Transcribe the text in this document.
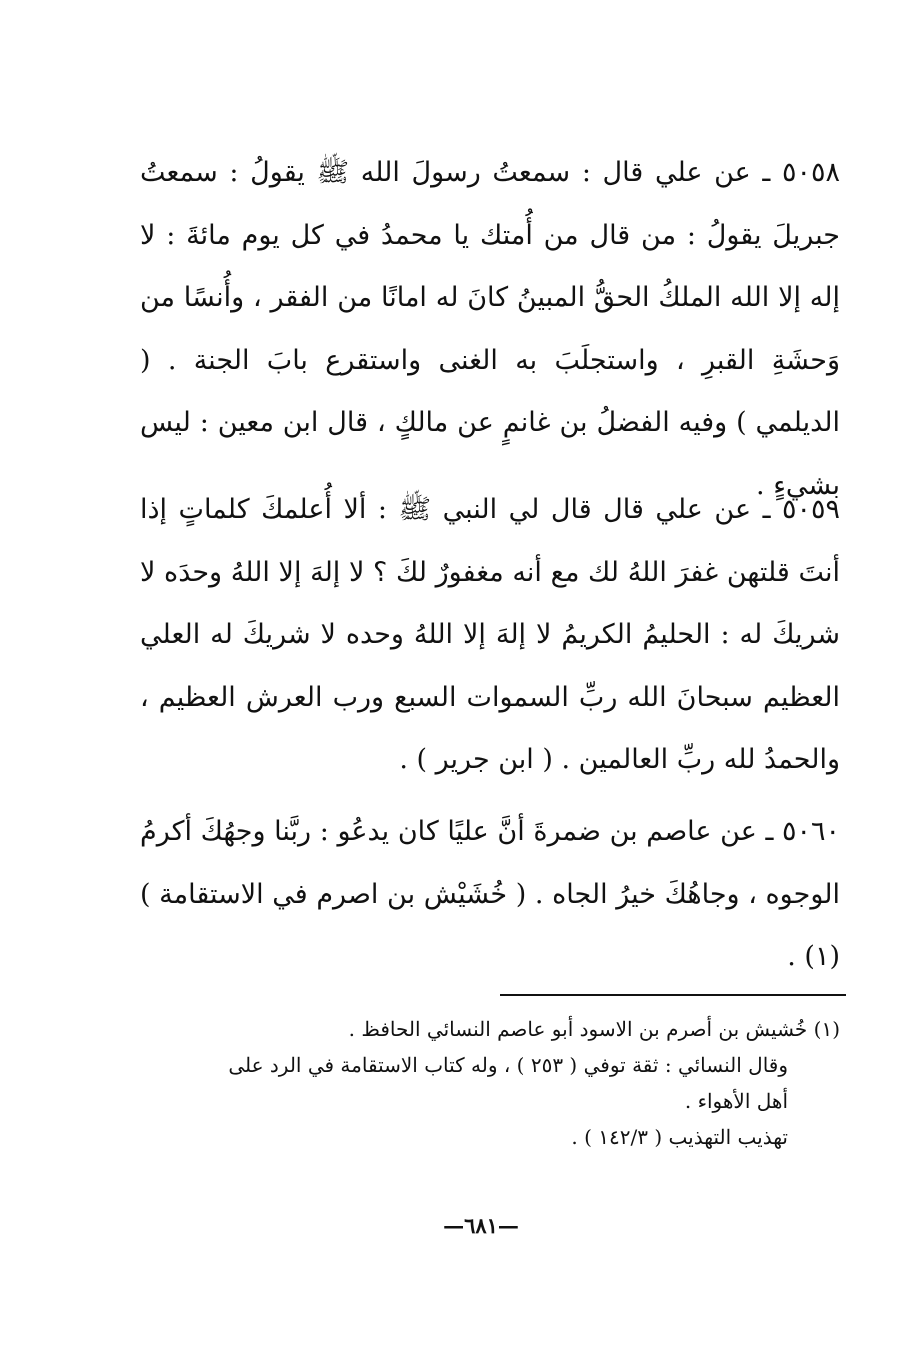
٥٠٥٨ ـ عن علي قال : سمعتُ رسولَ الله ﷺ يقولُ : سمعتُ جبريلَ يقولُ : من قال من أُمتك يا محمدُ في كل يوم مائةَ : لا إله إلا الله الملكُ الحقُّ المبينُ كانَ له امانًا من الفقر ، وأُنسًا من وَحشَةِ القبرِ ، واستجلَبَ به الغنى واستقرع بابَ الجنة . ( الديلمي ) وفيه الفضلُ بن غانمٍ عن مالكٍ ، قال ابن معين : ليس بشيءٍ .

٥٠٥٩ ـ عن علي قال قال لي النبي ﷺ : ألا أُعلمكَ كلماتٍ إذا أنتَ قلتهن غفرَ اللهُ لك مع أنه مغفورٌ لكَ ؟ لا إلهَ إلا اللهُ وحدَه لا شريكَ له : الحليمُ الكريمُ لا إلهَ إلا اللهُ وحده لا شريكَ له العلي العظيم سبحانَ الله ربِّ السموات السبع ورب العرش العظيم ، والحمدُ لله ربِّ العالمين . ( ابن جرير ) .

٥٠٦٠ ـ عن عاصم بن ضمرةَ أنَّ عليًا كان يدعُو : ربَّنا وجهُكَ أكرمُ الوجوه ، وجاهُكَ خيرُ الجاه . ( خُشَيْش بن اصرم في الاستقامة ) (١) .

(١) خُشيش بن أصرم بن الاسود أبو عاصم النسائي الحافظ .
وقال النسائي : ثقة توفي ( ٢٥٣ ) ، وله كتاب الاستقامة في الرد على
أهل الأهواء .
تهذيب التهذيب ( ١٤٢/٣ ) .
—٦٨١—
